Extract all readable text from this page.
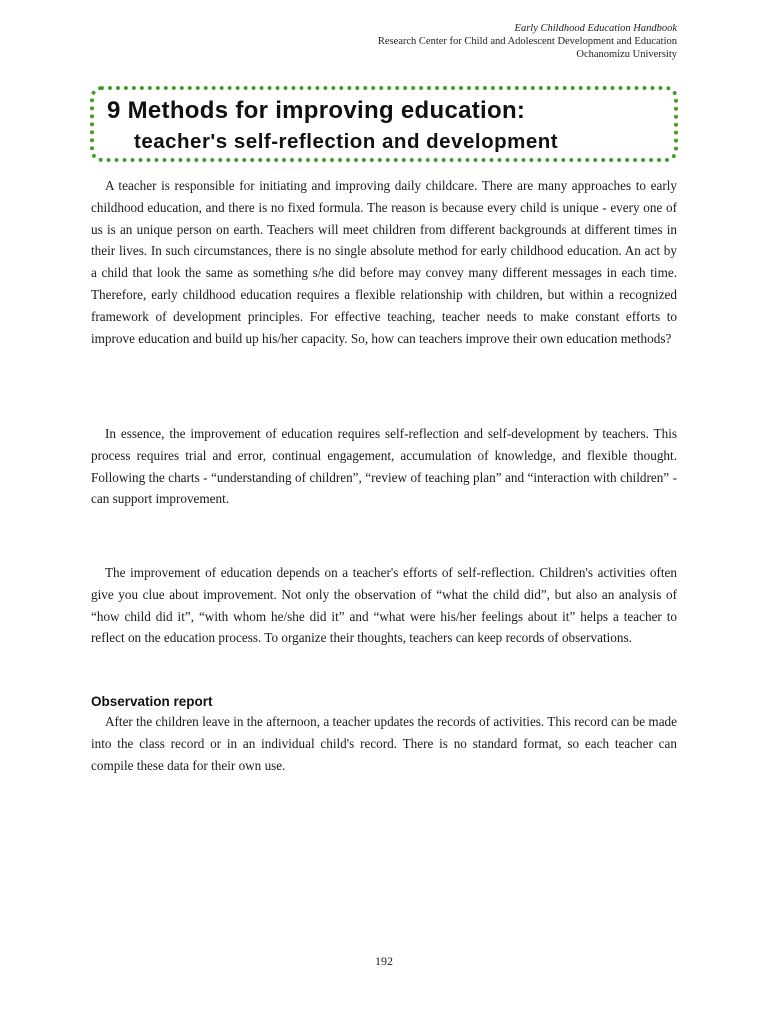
Early Childhood Education Handbook
Research Center for Child and Adolescent Development and Education
Ochanomizu University
9 Methods for improving education:
teacher's self-reflection and development

A teacher is responsible for initiating and improving daily childcare. There are many approaches to early childhood education, and there is no fixed formula. The reason is because every child is unique - every one of us is an unique person on earth. Teachers will meet children from different backgrounds at different times in their lives. In such circumstances, there is no single absolute method for early childhood education. An act by a child that look the same as something s/he did before may convey many different messages in each time. Therefore, early childhood education requires a flexible relationship with children, but within a recognized framework of development principles. For effective teaching, teacher needs to make constant efforts to improve education and build up his/her capacity. So, how can teachers improve their own education methods?

In essence, the improvement of education requires self-reflection and self-development by teachers. This process requires trial and error, continual engagement, accumulation of knowledge, and flexible thought. Following the charts - “understanding of children”, “review of teaching plan” and “interaction with children” - can support improvement.

The improvement of education depends on a teacher's efforts of self-reflection. Children's activities often give you clue about improvement. Not only the observation of “what the child did”, but also an analysis of “how child did it”, “with whom he/she did it” and “what were his/her feelings about it” helps a teacher to reflect on the education process. To organize their thoughts, teachers can keep records of observations.

Observation report

After the children leave in the afternoon, a teacher updates the records of activities. This record can be made into the class record or in an individual child's record. There is no standard format, so each teacher can compile these data for their own use.

192
